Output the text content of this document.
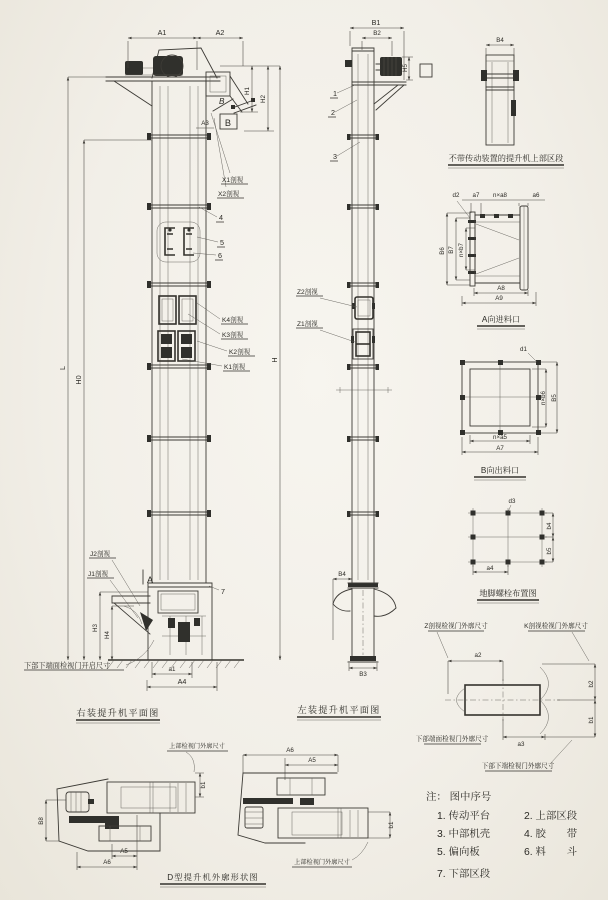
A1	A2
L
H0
H
H1
H2
A3
B
B
X1剖视
X2剖视
4
5
6
K4剖视
K3剖视
K2剖视
K1剖视
J2剖视
J1剖视
A
7
H3
H4
a1
A4
下部下端面检视门开启尺寸
右装提升机平面图
B1
B2
H5
1
2
3
Z2剖视
Z1剖视
B4
B3
左装提升机平面图
B4
不带传动装置的提升机上部区段
d2 a7 n×a8	a6
B6 B7 n×b7
A8
A9
A向进料口
d1
n×b6 B5
n×a5
A7
B向出料口
d3
b4
b5
a4
地脚螺栓布置图
Z剖视检视门外廓尺寸	K剖视检视门外廓尺寸
a2
b2
b1
a3
下部端面检视门外廓尺寸
下部下端检视门外廓尺寸
上部检视门外廓尺寸
b1
B8
A5
A6
A6
A5
b1
上部检视门外廓尺寸
D型提升机外廓形状图
注： 图中序号
1. 传动平台
3. 中部机壳
5. 偏向板
7. 下部区段
2. 上部区段
4. 胶　　带
6. 料　　斗
